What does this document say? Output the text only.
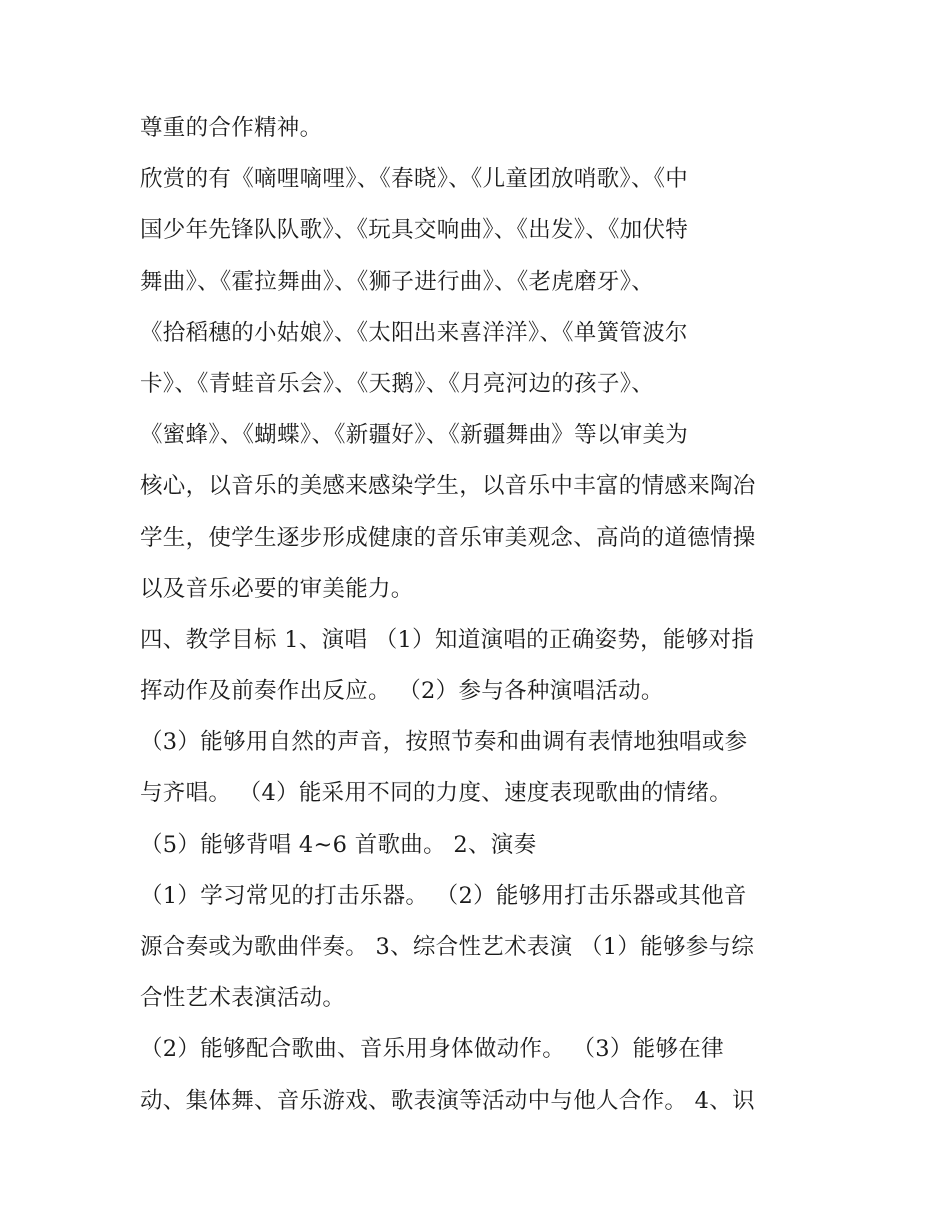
尊重的合作精神。
欣赏的有《嘀哩嘀哩》、《春晓》、《儿童团放哨歌》、《中
国少年先锋队队歌》、《玩具交响曲》、《出发》、《加伏特
舞曲》、《霍拉舞曲》、《狮子进行曲》、《老虎磨牙》、
《拾稻穗的小姑娘》、《太阳出来喜洋洋》、《单簧管波尔
卡》、《青蛙音乐会》、《天鹅》、《月亮河边的孩子》、
《蜜蜂》、《蝴蝶》、《新疆好》、《新疆舞曲》等以审美为
核心，以音乐的美感来感染学生，以音乐中丰富的情感来陶冶
学生，使学生逐步形成健康的音乐审美观念、高尚的道德情操
以及音乐必要的审美能力。
四、教学目标 1、演唱 （1）知道演唱的正确姿势，能够对指
挥动作及前奏作出反应。 （2）参与各种演唱活动。
（3）能够用自然的声音，按照节奏和曲调有表情地独唱或参
与齐唱。 （4）能采用不同的力度、速度表现歌曲的情绪。
（5）能够背唱 4~6 首歌曲。 2、演奏
（1）学习常见的打击乐器。 （2）能够用打击乐器或其他音
源合奏或为歌曲伴奏。 3、综合性艺术表演 （1）能够参与综
合性艺术表演活动。
（2）能够配合歌曲、音乐用身体做动作。 （3）能够在律
动、集体舞、音乐游戏、歌表演等活动中与他人合作。 4、识
